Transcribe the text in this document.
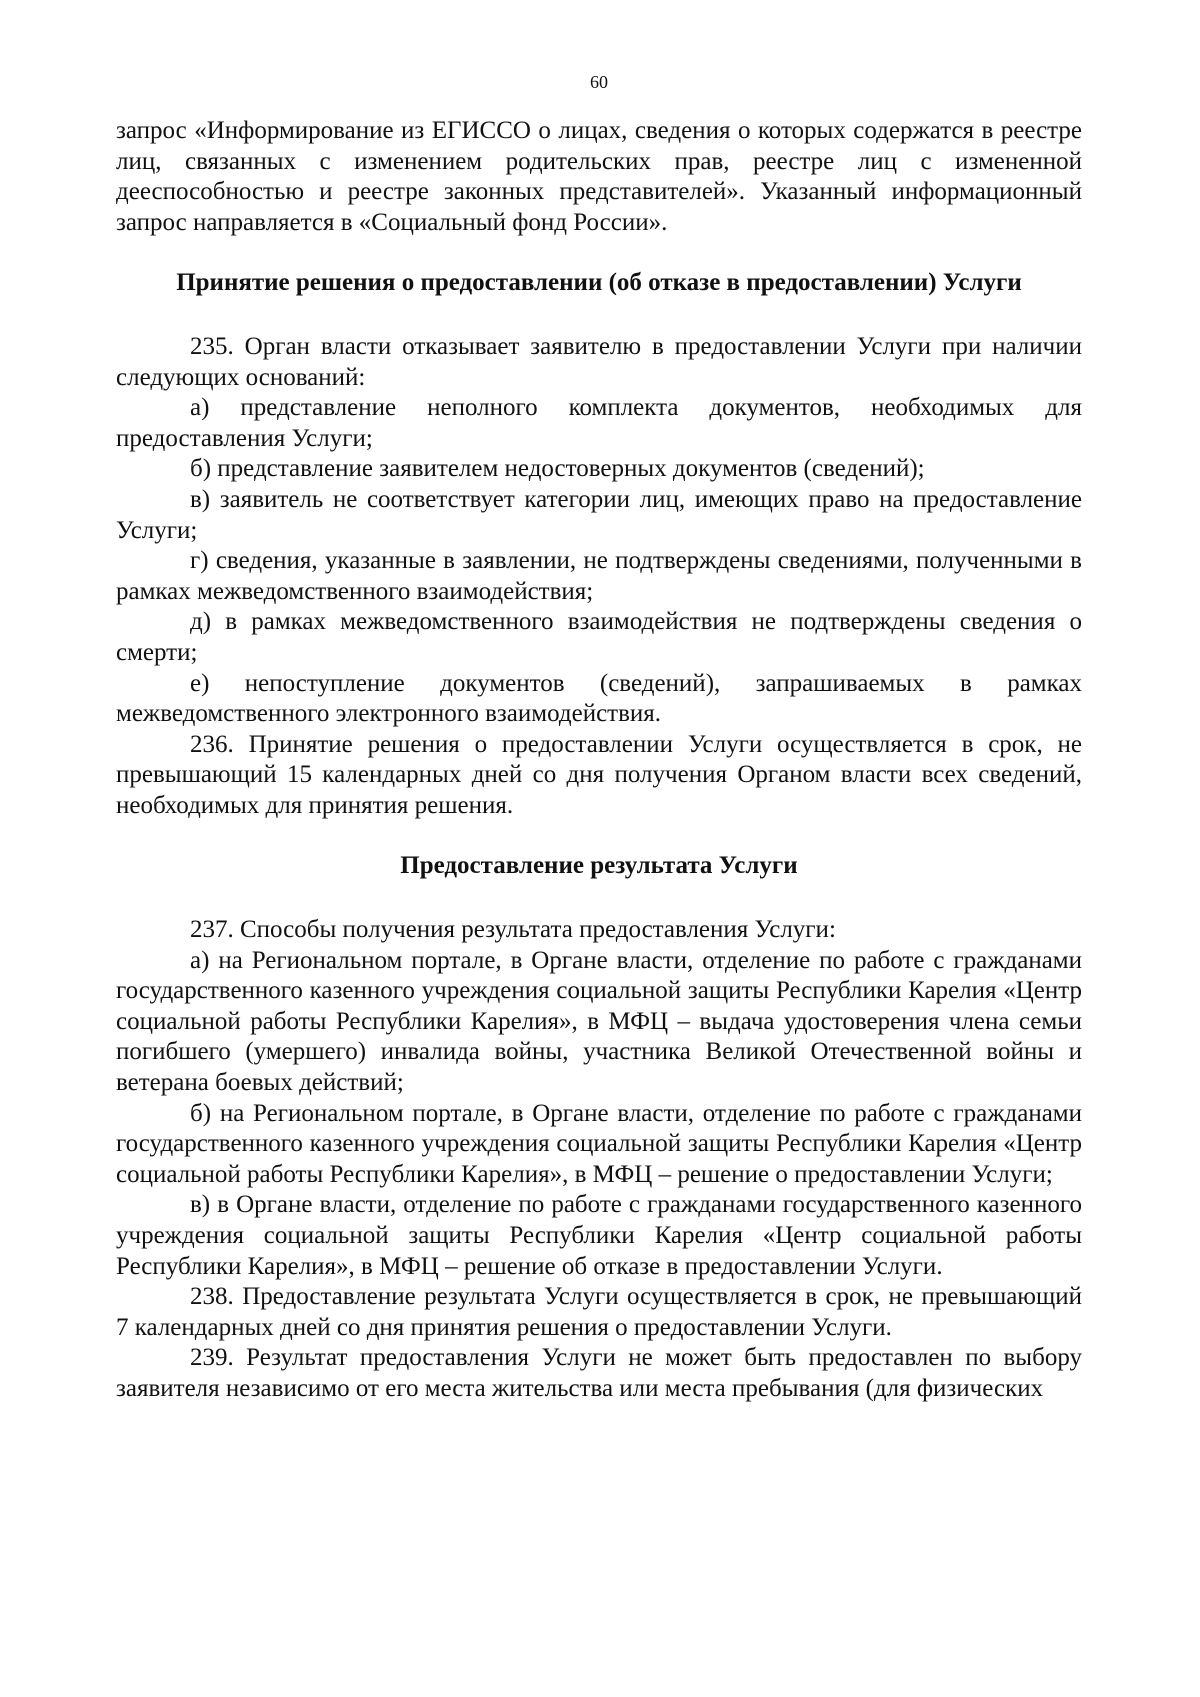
60

запрос «Информирование из ЕГИССО о лицах, сведения о которых содержатся в реестре лиц, связанных с изменением родительских прав, реестре лиц с измененной дееспособностью и реестре законных представителей». Указанный информационный запрос направляется в «Социальный фонд России».

Принятие решения о предоставлении (об отказе в предоставлении) Услуги

235. Орган власти отказывает заявителю в предоставлении Услуги при наличии следующих оснований:

а) представление неполного комплекта документов, необходимых для предоставления Услуги;

б) представление заявителем недостоверных документов (сведений);

в) заявитель не соответствует категории лиц, имеющих право на предоставление Услуги;

г) сведения, указанные в заявлении, не подтверждены сведениями, полученными в рамках межведомственного взаимодействия;

д) в рамках межведомственного взаимодействия не подтверждены сведения о смерти;

е) непоступление документов (сведений), запрашиваемых в рамках межведомственного электронного взаимодействия.

236. Принятие решения о предоставлении Услуги осуществляется в срок, не превышающий 15 календарных дней со дня получения Органом власти всех сведений, необходимых для принятия решения.

Предоставление результата Услуги

237. Способы получения результата предоставления Услуги:

а) на Региональном портале, в Органе власти, отделение по работе с гражданами государственного казенного учреждения социальной защиты Республики Карелия «Центр социальной работы Республики Карелия», в МФЦ – выдача удостоверения члена семьи погибшего (умершего) инвалида войны, участника Великой Отечественной войны и ветерана боевых действий;

б) на Региональном портале, в Органе власти, отделение по работе с гражданами государственного казенного учреждения социальной защиты Республики Карелия «Центр социальной работы Республики Карелия», в МФЦ – решение о предоставлении Услуги;

в) в Органе власти, отделение по работе с гражданами государственного казенного учреждения социальной защиты Республики Карелия «Центр социальной работы Республики Карелия», в МФЦ – решение об отказе в предоставлении Услуги.

238. Предоставление результата Услуги осуществляется в срок, не превышающий 7 календарных дней со дня принятия решения о предоставлении Услуги.

239. Результат предоставления Услуги не может быть предоставлен по выбору заявителя независимо от его места жительства или места пребывания (для физических
